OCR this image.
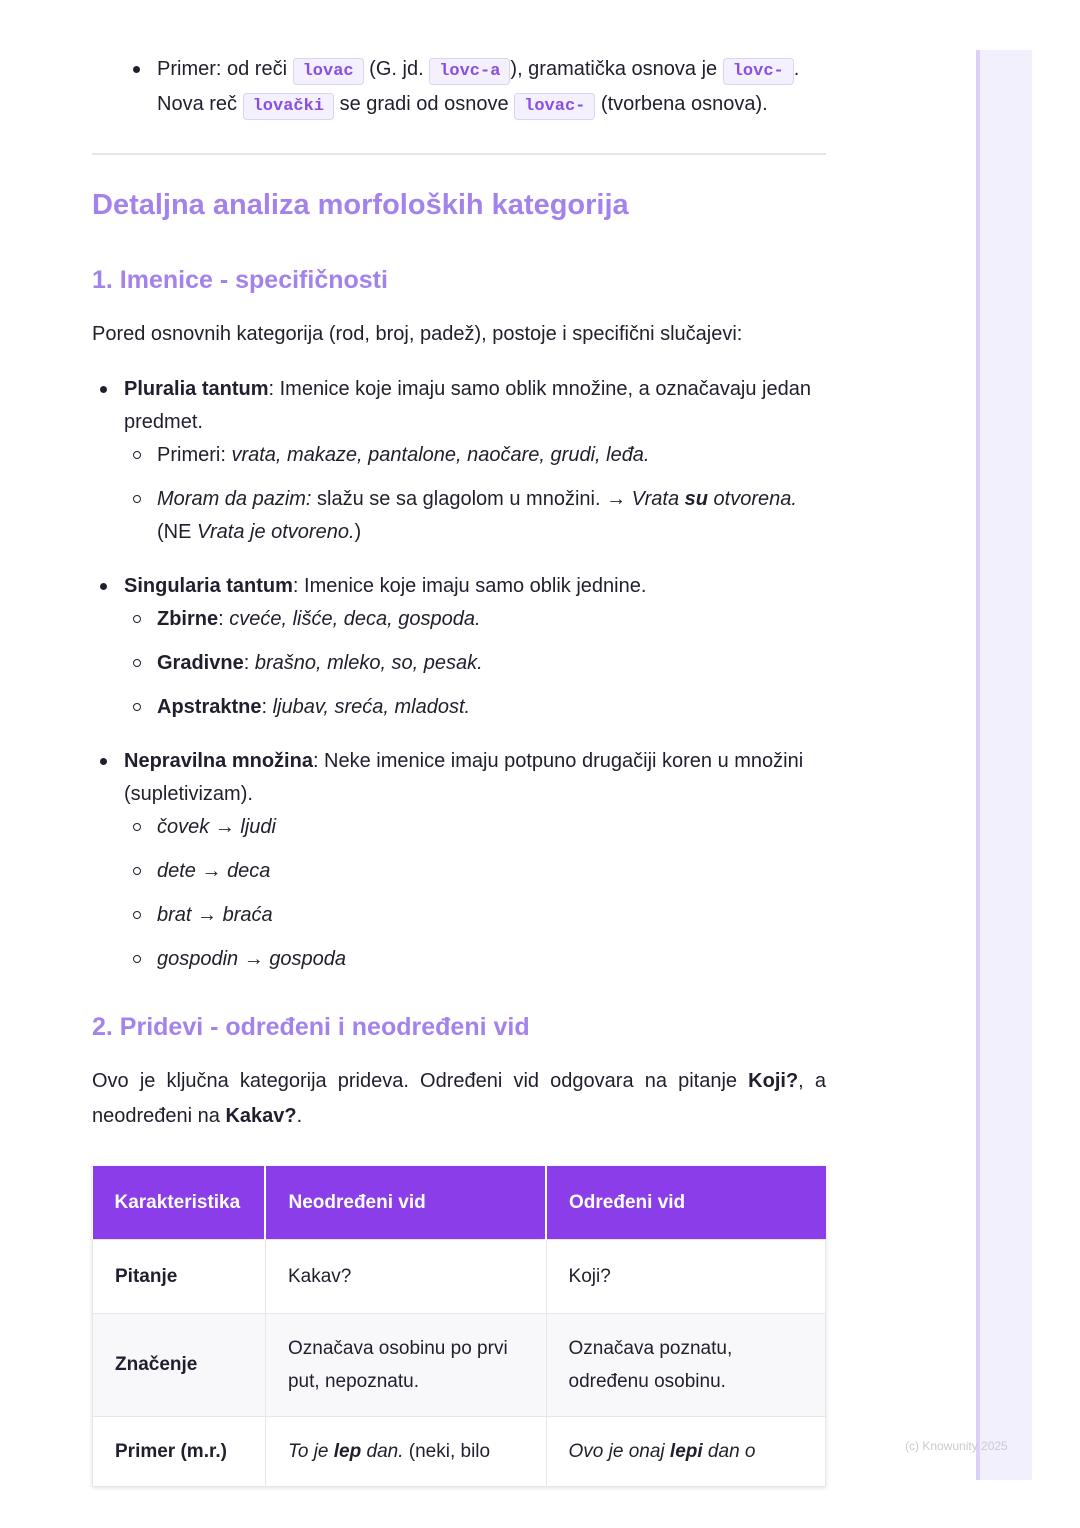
(c) Knowunity 2025
Primer: od reči lovac (G. jd. lovc-a ), gramatička osnova je lovc- .
Nova reč lovački se gradi od osnove lovac- (tvorbena osnova).
Detaljna analiza morfoloških kategorija
1. Imenice - specifičnosti

Pored osnovnih kategorija (rod, broj, padež), postoje i specifični slučajevi:

Pluralia tantum: Imenice koje imaju samo oblik množine, a označavaju jedan predmet.
Primeri: vrata, makaze, pantalone, naočare, grudi, leđa.
Moram da pazim: slažu se sa glagolom u množini. → Vrata su otvorena.
(NE Vrata je otvoreno.)
Singularia tantum: Imenice koje imaju samo oblik jednine.
Zbirne: cveće, lišće, deca, gospoda.
Gradivne: brašno, mleko, so, pesak.
Apstraktne: ljubav, sreća, mladost.
Nepravilna množina: Neke imenice imaju potpuno drugačiji koren u množini (supletivizam).
čovek → ljudi
dete → deca
brat → braća
gospodin → gospoda
2. Pridevi - određeni i neodređeni vid

Ovo je ključna kategorija prideva. Određeni vid odgovara na pitanje Koji?, a neodređeni na Kakav?.

Karakteristika	Neodređeni vid	Određeni vid
Pitanje	Kakav?	Koji?
Značenje	Označava osobinu po prvi put, nepoznatu.	Označava poznatu, određenu osobinu.
Primer (m.r.)	To je lep dan. (neki, bilo	Ovo je onaj lepi dan o
